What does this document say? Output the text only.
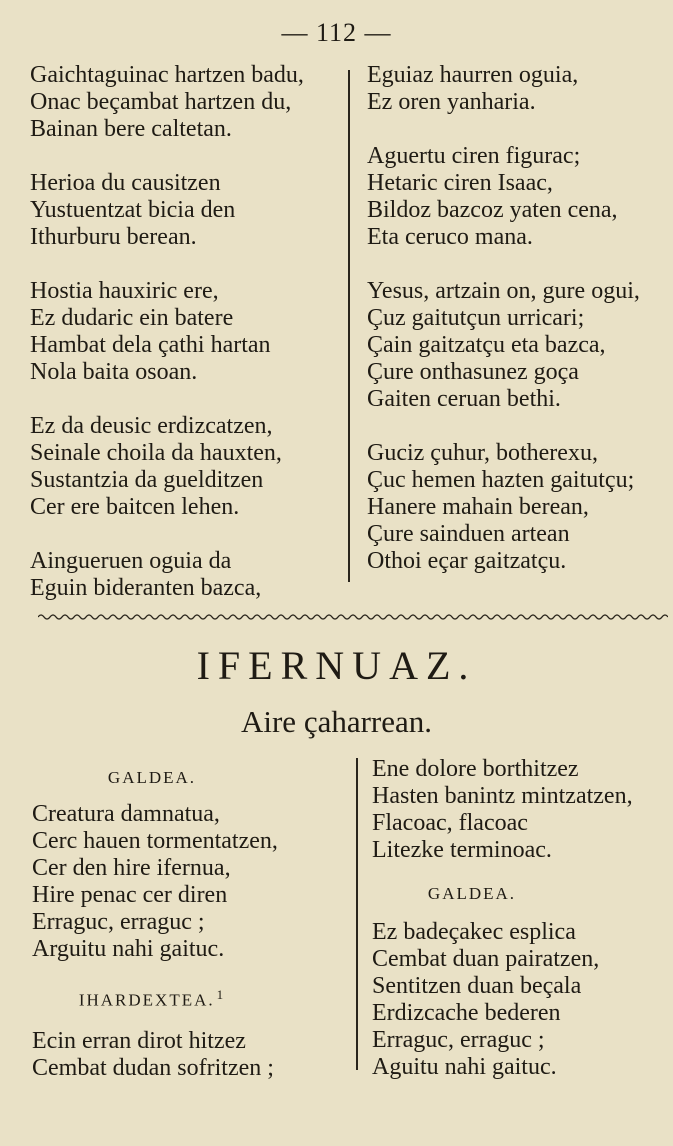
— 112 —
Gaichtaguinac hartzen badu,
Onac beçambat hartzen du,
Bainan bere caltetan.
Herioa du causitzen
Yustuentzat bicia den
Ithurburu berean.
Hostia hauxiric ere,
Ez dudaric ein batere
Hambat dela çathi hartan
Nola baita osoan.
Ez da deusic erdizcatzen,
Seinale choila da hauxten,
Sustantzia da guelditzen
Cer ere baitcen lehen.
Aingueruen oguia da
Eguin bideranten bazca,
Eguiaz haurren oguia,
Ez oren yanharia.
Aguertu ciren figurac;
Hetaric ciren Isaac,
Bildoz bazcoz yaten cena,
Eta ceruco mana.
Yesus, artzain on, gure ogui,
Çuz gaitutçun urricari;
Çain gaitzatçu eta bazca,
Çure onthasunez goça
Gaiten ceruan bethi.
Guciz çuhur, botherexu,
Çuc hemen hazten gaitutçu;
Hanere mahain berean,
Çure sainduen artean
Othoi eçar gaitzatçu.
IFERNUAZ.
Aire çaharrean.
GALDEA.
Creatura damnatua,
Cerc hauen tormentatzen,
Cer den hire ifernua,
Hire penac cer diren
Erraguc, erraguc ;
Arguitu nahi gaituc.
IHARDEXTEA. $^1$
Ecin erran dirot hitzez
Cembat dudan sofritzen ;
Ene dolore borthitzez
Hasten banintz mintzatzen,
Flacoac, flacoac
Litezke terminoac.
GALDEA.
Ez badeçakec esplica
Cembat duan pairatzen,
Sentitzen duan beçala
Erdizcache bederen
Erraguc, erraguc ;
Aguitu nahi gaituc.
